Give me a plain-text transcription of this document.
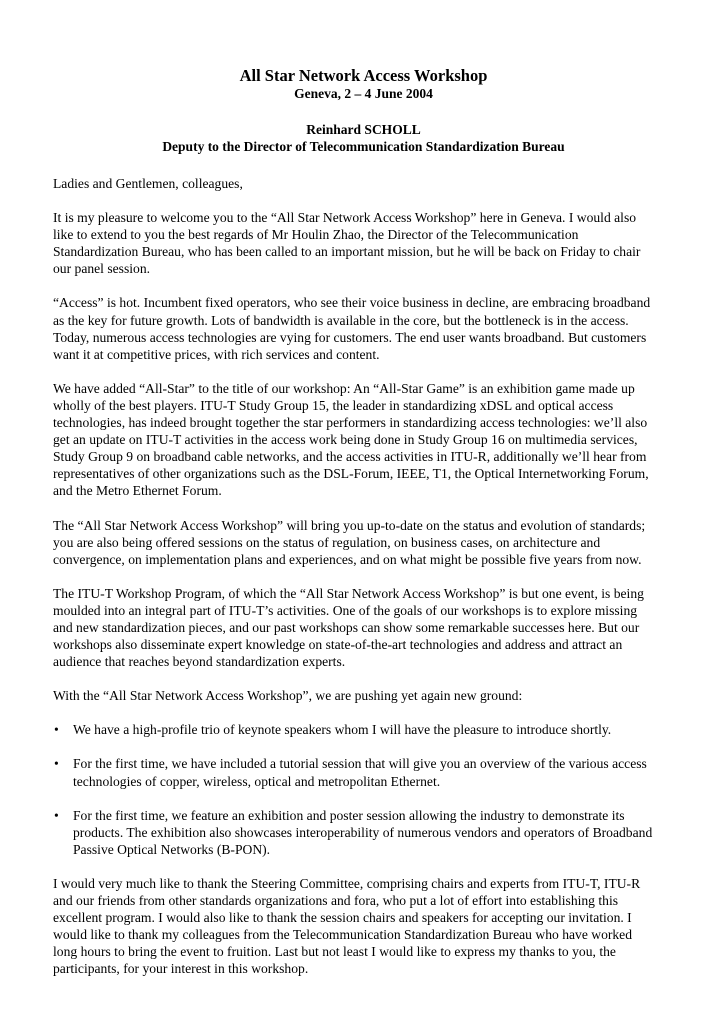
All Star Network Access Workshop
Geneva, 2 – 4 June 2004
Reinhard SCHOLL
Deputy to the Director of Telecommunication Standardization Bureau

Ladies and Gentlemen, colleagues,

It is my pleasure to welcome you to the “All Star Network Access Workshop” here in Geneva. I would also like to extend to you the best regards of Mr Houlin Zhao, the Director of the Telecommunication Standardization Bureau, who has been called to an important mission, but he will be back on Friday to chair our panel session.

“Access” is hot. Incumbent fixed operators, who see their voice business in decline, are embracing broadband as the key for future growth. Lots of bandwidth is available in the core, but the bottleneck is in the access. Today, numerous access technologies are vying for customers. The end user wants broadband. But customers want it at competitive prices, with rich services and content.

We have added “All-Star” to the title of our workshop: An “All-Star Game” is an exhibition game made up wholly of the best players. ITU-T Study Group 15, the leader in standardizing xDSL and optical access technologies, has indeed brought together the star performers in standardizing access technologies: we’ll also get an update on ITU-T activities in the access work being done in Study Group 16 on multimedia services, Study Group 9 on broadband cable networks, and the access activities in ITU-R, additionally we’ll hear from representatives of other organizations such as the DSL-Forum, IEEE, T1, the Optical Internetworking Forum, and the Metro Ethernet Forum.

The “All Star Network Access Workshop” will bring you up-to-date on the status and evolution of standards; you are also being offered sessions on the status of regulation, on business cases, on architecture and convergence, on implementation plans and experiences, and on what might be possible five years from now.

The ITU-T Workshop Program, of which the “All Star Network Access Workshop” is but one event, is being moulded into an integral part of ITU-T’s activities. One of the goals of our workshops is to explore missing and new standardization pieces, and our past workshops can show some remarkable successes here. But our workshops also disseminate expert knowledge on state-of-the-art technologies and address and attract an audience that reaches beyond standardization experts.

With the “All Star Network Access Workshop”, we are pushing yet again new ground:

• We have a high-profile trio of keynote speakers whom I will have the pleasure to introduce shortly.
• For the first time, we have included a tutorial session that will give you an overview of the various access technologies of copper, wireless, optical and metropolitan Ethernet.
• For the first time, we feature an exhibition and poster session allowing the industry to demonstrate its products. The exhibition also showcases interoperability of numerous vendors and operators of Broadband Passive Optical Networks (B-PON).

I would very much like to thank the Steering Committee, comprising chairs and experts from ITU-T, ITU-R and our friends from other standards organizations and fora, who put a lot of effort into establishing this excellent program. I would also like to thank the session chairs and speakers for accepting our invitation. I would like to thank my colleagues from the Telecommunication Standardization Bureau who have worked long hours to bring the event to fruition. Last but not least I would like to express my thanks to you, the participants, for your interest in this workshop.
